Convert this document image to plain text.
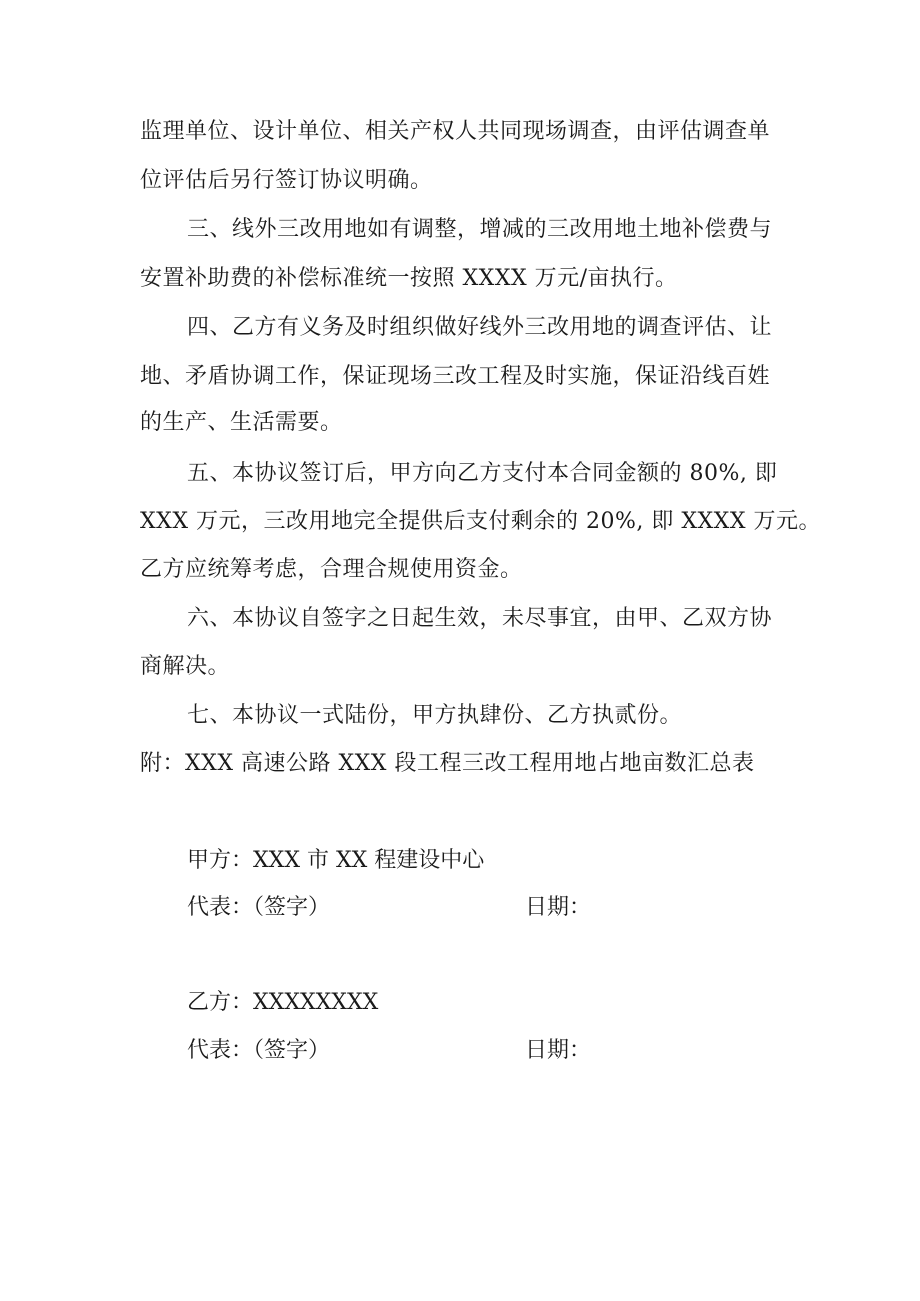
监理单位、设计单位、相关产权人共同现场调查，由评估调查单
位评估后另行签订协议明确。
三、线外三改用地如有调整，增减的三改用地土地补偿费与
安置补助费的补偿标准统一按照 XXXX 万元/亩执行。
四、乙方有义务及时组织做好线外三改用地的调查评估、让
地、矛盾协调工作，保证现场三改工程及时实施，保证沿线百姓
的生产、生活需要。
五、本协议签订后，甲方向乙方支付本合同金额的 80%, 即
XXX 万元，三改用地完全提供后支付剩余的 20%, 即 XXXX 万元。
乙方应统筹考虑，合理合规使用资金。
六、本协议自签字之日起生效，未尽事宜，由甲、乙双方协
商解决。
七、本协议一式陆份，甲方执肆份、乙方执贰份。
附：XXX 高速公路 XXX 段工程三改工程用地占地亩数汇总表
甲方：XXX 市 XX 程建设中心
代表：（签字）	日期：
乙方：XXXXXXXX
代表：（签字）	日期：
